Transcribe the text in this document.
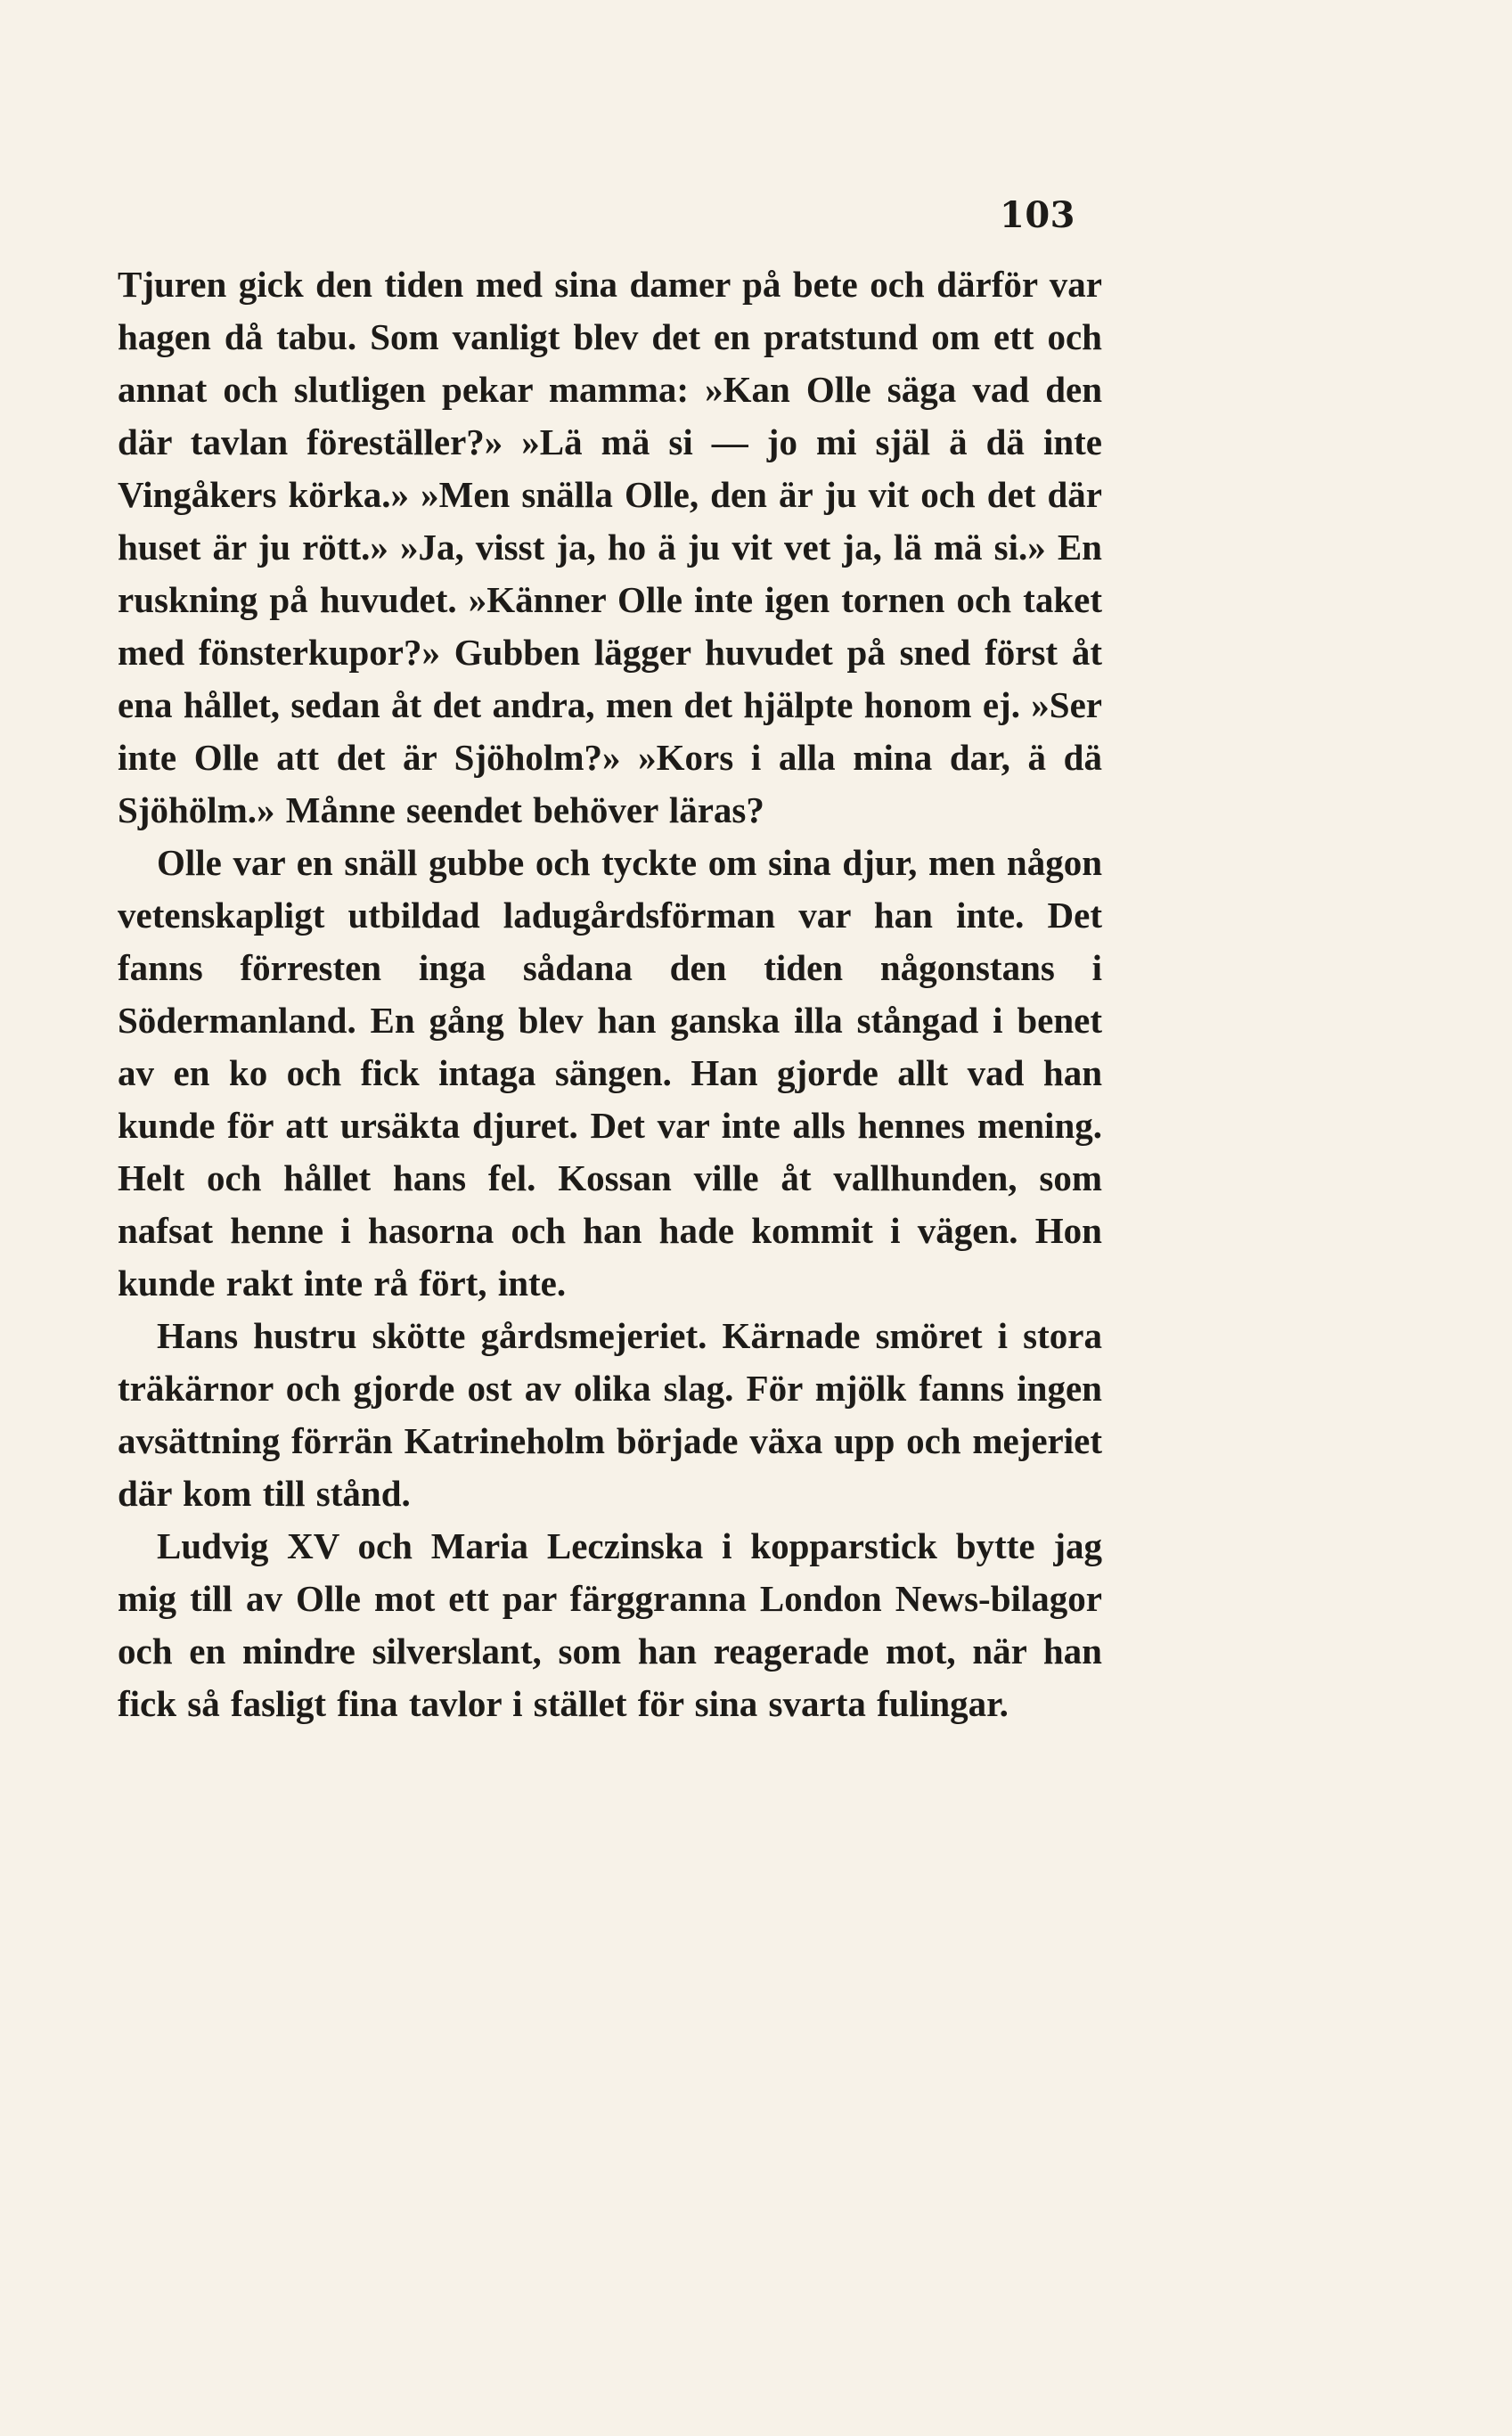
103

Tjuren gick den tiden med sina damer på bete och därför var hagen då tabu. Som vanligt blev det en pratstund om ett och annat och slutligen pekar mamma: »Kan Olle säga vad den där tavlan föreställer?» »Lä mä si — jo mi själ ä dä inte Vingåkers körka.» »Men snälla Olle, den är ju vit och det där huset är ju rött.» »Ja, visst ja, ho ä ju vit vet ja, lä mä si.» En ruskning på huvudet. »Känner Olle inte igen tornen och taket med fönsterkupor?» Gubben lägger huvudet på sned först åt ena hållet, sedan åt det andra, men det hjälpte honom ej. »Ser inte Olle att det är Sjöholm?» »Kors i alla mina dar, ä dä Sjöhölm.» Månne seendet behöver läras?

Olle var en snäll gubbe och tyckte om sina djur, men någon vetenskapligt utbildad ladugårdsförman var han inte. Det fanns förresten inga sådana den tiden någonstans i Södermanland. En gång blev han ganska illa stångad i benet av en ko och fick intaga sängen. Han gjorde allt vad han kunde för att ursäkta djuret. Det var inte alls hennes mening. Helt och hållet hans fel. Kossan ville åt vallhunden, som nafsat henne i hasorna och han hade kommit i vägen. Hon kunde rakt inte rå fört, inte.

Hans hustru skötte gårdsmejeriet. Kärnade smöret i stora träkärnor och gjorde ost av olika slag. För mjölk fanns ingen avsättning förrän Katrineholm började växa upp och mejeriet där kom till stånd.

Ludvig XV och Maria Leczinska i kopparstick bytte jag mig till av Olle mot ett par färggranna London News-bilagor och en mindre silverslant, som han reagerade mot, när han fick så fasligt fina tavlor i stället för sina svarta fulingar.
